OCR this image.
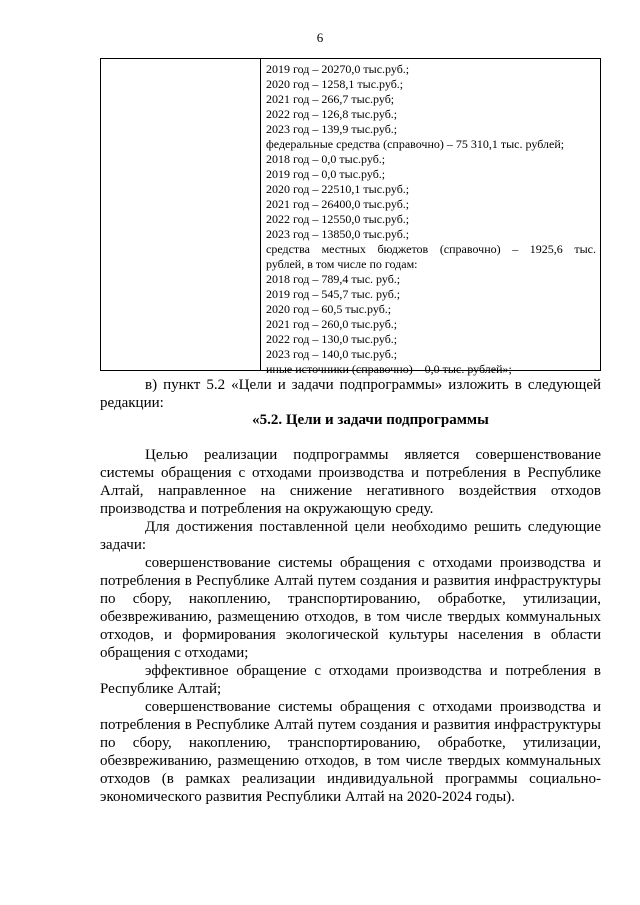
6
2019 год – 20270,0 тыс.руб.;
2020 год – 1258,1 тыс.руб.;
2021 год – 266,7 тыс.руб;
2022 год – 126,8 тыс.руб.;
2023 год – 139,9 тыс.руб.;
федеральные средства (справочно) – 75 310,1 тыс. рублей;
2018 год – 0,0 тыс.руб.;
2019 год – 0,0 тыс.руб.;
2020 год – 22510,1 тыс.руб.;
2021 год – 26400,0 тыс.руб.;
2022 год – 12550,0 тыс.руб.;
2023 год – 13850,0 тыс.руб.;
средства местных бюджетов (справочно) – 1925,6 тыс.
рублей, в том числе по годам:
2018 год – 789,4 тыс. руб.;
2019 год – 545,7 тыс. руб.;
2020 год – 60,5 тыс.руб.;
2021 год – 260,0 тыс.руб.;
2022 год – 130,0 тыс.руб.;
2023 год – 140,0 тыс.руб.;
иные источники (справочно) – 0,0 тыс. рублей»;
в) пункт 5.2 «Цели и задачи подпрограммы» изложить в следующей
редакции:
«5.2. Цели и задачи подпрограммы

Целью реализации подпрограммы является совершенствование системы обращения с отходами производства и потребления в Республике Алтай, направленное на снижение негативного воздействия отходов производства и потребления на окружающую среду.

Для достижения поставленной цели необходимо решить следующие задачи:

совершенствование системы обращения с отходами производства и потребления в Республике Алтай путем создания и развития инфраструктуры по сбору, накоплению, транспортированию, обработке, утилизации, обезвреживанию, размещению отходов, в том числе твердых коммунальных отходов, и формирования экологической культуры населения в области обращения с отходами;

эффективное обращение с отходами производства и потребления в Республике Алтай;

совершенствование системы обращения с отходами производства и потребления в Республике Алтай путем создания и развития инфраструктуры по сбору, накоплению, транспортированию, обработке, утилизации, обезвреживанию, размещению отходов, в том числе твердых коммунальных отходов (в рамках реализации индивидуальной программы социально-экономического развития Республики Алтай на 2020-2024 годы).
